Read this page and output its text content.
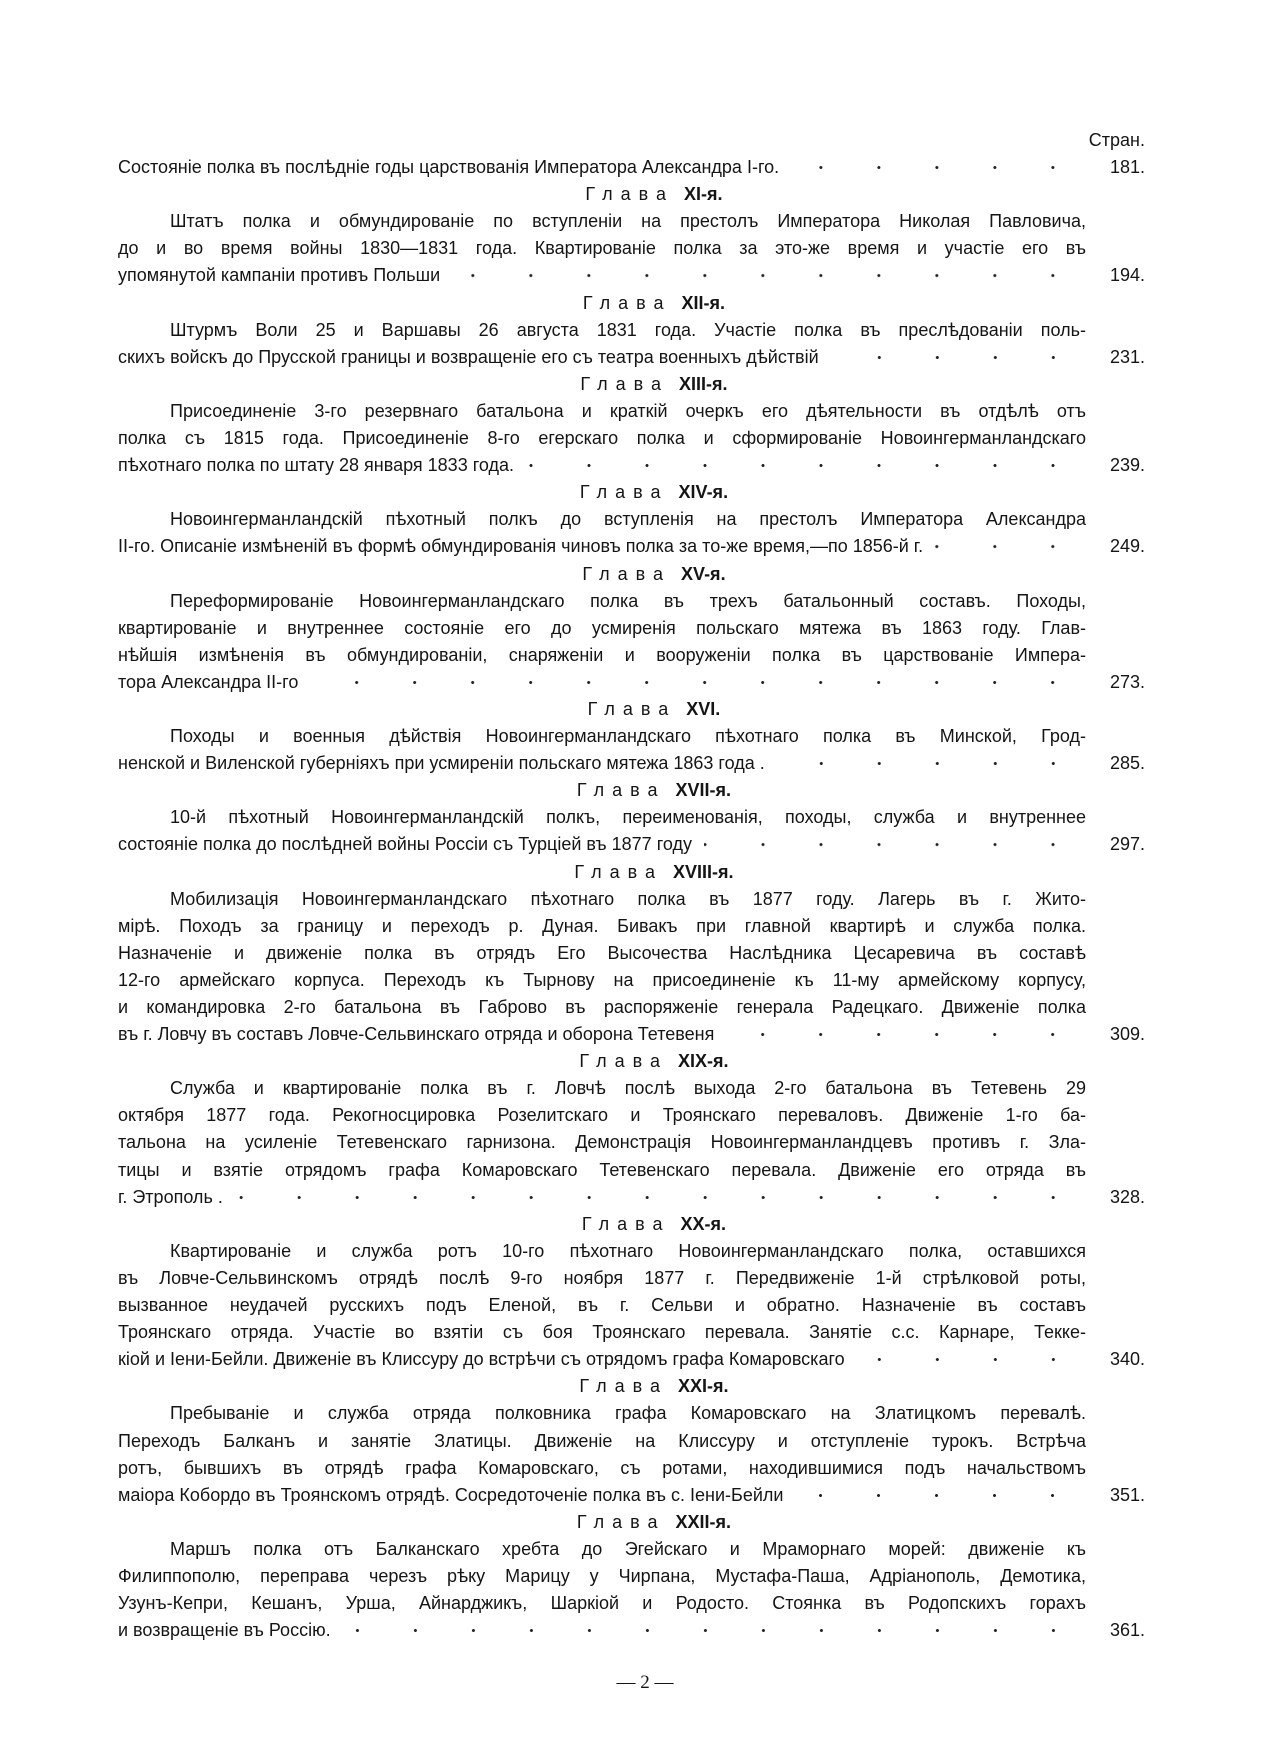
Стран.
Состояніе полка въ послѣдніе годы царствованія Императора Александра I-го.	181.
Глава XI-я.
Штатъ полка и обмундированіе по вступленіи на престолъ Императора Николая Павловича,
до и во время войны 1830—1831 года. Квартированіе полка за это-же время и участіе его въ
упомянутой кампаніи противъ Польши	194.
Глава XII-я.
Штурмъ Воли 25 и Варшавы 26 августа 1831 года. Участіе полка въ преслѣдованіи поль-
скихъ войскъ до Прусской границы и возвращеніе его съ театра военныхъ дѣйствій	231.
Глава XIII-я.
Присоединеніе 3-го резервнаго батальона и краткій очеркъ его дѣятельности въ отдѣлѣ отъ
полка съ 1815 года. Присоединеніе 8-го егерскаго полка и сформированіе Новоингерманландскаго
пѣхотнаго полка по штату 28 января 1833 года.	239.
Глава XIV-я.
Новоингерманландскій пѣхотный полкъ до вступленія на престолъ Императора Александра
II-го. Описаніе измѣненій въ формѣ обмундированія чиновъ полка за то-же время,—по 1856-й г.	249.
Глава XV-я.
Переформированіе Новоингерманландскаго полка въ трехъ батальонный составъ. Походы,
квартированіе и внутреннее состояніе его до усмиренія польскаго мятежа въ 1863 году. Глав-
нѣйшія измѣненія въ обмундированіи, снаряженіи и вооруженіи полка въ царствованіе Импера-
тора Александра II-го	273.
Глава XVI.
Походы и военныя дѣйствія Новоингерманландскаго пѣхотнаго полка въ Минской, Грод-
ненской и Виленской губерніяхъ при усмиреніи польскаго мятежа 1863 года .	285.
Глава XVII-я.
10-й пѣхотный Новоингерманландскій полкъ, переименованія, походы, служба и внутреннее
состояніе полка до послѣдней войны Россіи съ Турціей въ 1877 году	297.
Глава XVIII-я.
Мобилизація Новоингерманландскаго пѣхотнаго полка въ 1877 году. Лагерь въ г. Жито-
мірѣ. Походъ за границу и переходъ р. Дуная. Бивакъ при главной квартирѣ и служба полка.
Назначеніе и движеніе полка въ отрядъ Его Высочества Наслѣдника Цесаревича въ составѣ
12-го армейскаго корпуса. Переходъ къ Тырнову на присоединеніе къ 11-му армейскому корпусу,
и командировка 2-го батальона въ Габрово въ распоряженіе генерала Радецкаго. Движеніе полка
въ г. Ловчу въ составъ Ловче-Сельвинскаго отряда и оборона Тетевеня	309.
Глава XIX-я.
Служба и квартированіе полка въ г. Ловчѣ послѣ выхода 2-го батальона въ Тетевень 29
октября 1877 года. Рекогносцировка Розелитскаго и Троянскаго переваловъ. Движеніе 1-го ба-
тальона на усиленіе Тетевенскаго гарнизона. Демонстрація Новоингерманландцевъ противъ г. Зла-
тицы и взятіе отрядомъ графа Комаровскаго Тетевенскаго перевала. Движеніе его отряда въ
г. Этрополь .	328.
Глава XX-я.
Квартированіе и служба ротъ 10-го пѣхотнаго Новоингерманландскаго полка, оставшихся
въ Ловче-Сельвинскомъ отрядѣ послѣ 9-го ноября 1877 г. Передвиженіе 1-й стрѣлковой роты,
вызванное неудачей русскихъ подъ Еленой, въ г. Сельви и обратно. Назначеніе въ составъ
Троянскаго отряда. Участіе во взятіи съ боя Троянскаго перевала. Занятіе с.с. Карнаре, Текке-
кіой и Іени-Бейли. Движеніе въ Клиссуру до встрѣчи съ отрядомъ графа Комаровскаго	340.
Глава XXI-я.
Пребываніе и служба отряда полковника графа Комаровскаго на Златицкомъ перевалѣ.
Переходъ Балканъ и занятіе Златицы. Движеніе на Клиссуру и отступленіе турокъ. Встрѣча
ротъ, бывшихъ въ отрядѣ графа Комаровскаго, съ ротами, находившимися подъ начальствомъ
маіора Кобордо въ Троянскомъ отрядѣ. Сосредоточеніе полка въ с. Іени-Бейли	351.
Глава XXII-я.
Маршъ полка отъ Балканскаго хребта до Эгейскаго и Мраморнаго морей: движеніе къ
Филиппополю, переправа черезъ рѣку Марицу у Чирпана, Мустафа-Паша, Адріанополь, Демотика,
Узунъ-Кепри, Кешанъ, Урша, Айнарджикъ, Шаркіой и Родосто. Стоянка въ Родопскихъ горахъ
и возвращеніе въ Россію.	361.
— 2 —
